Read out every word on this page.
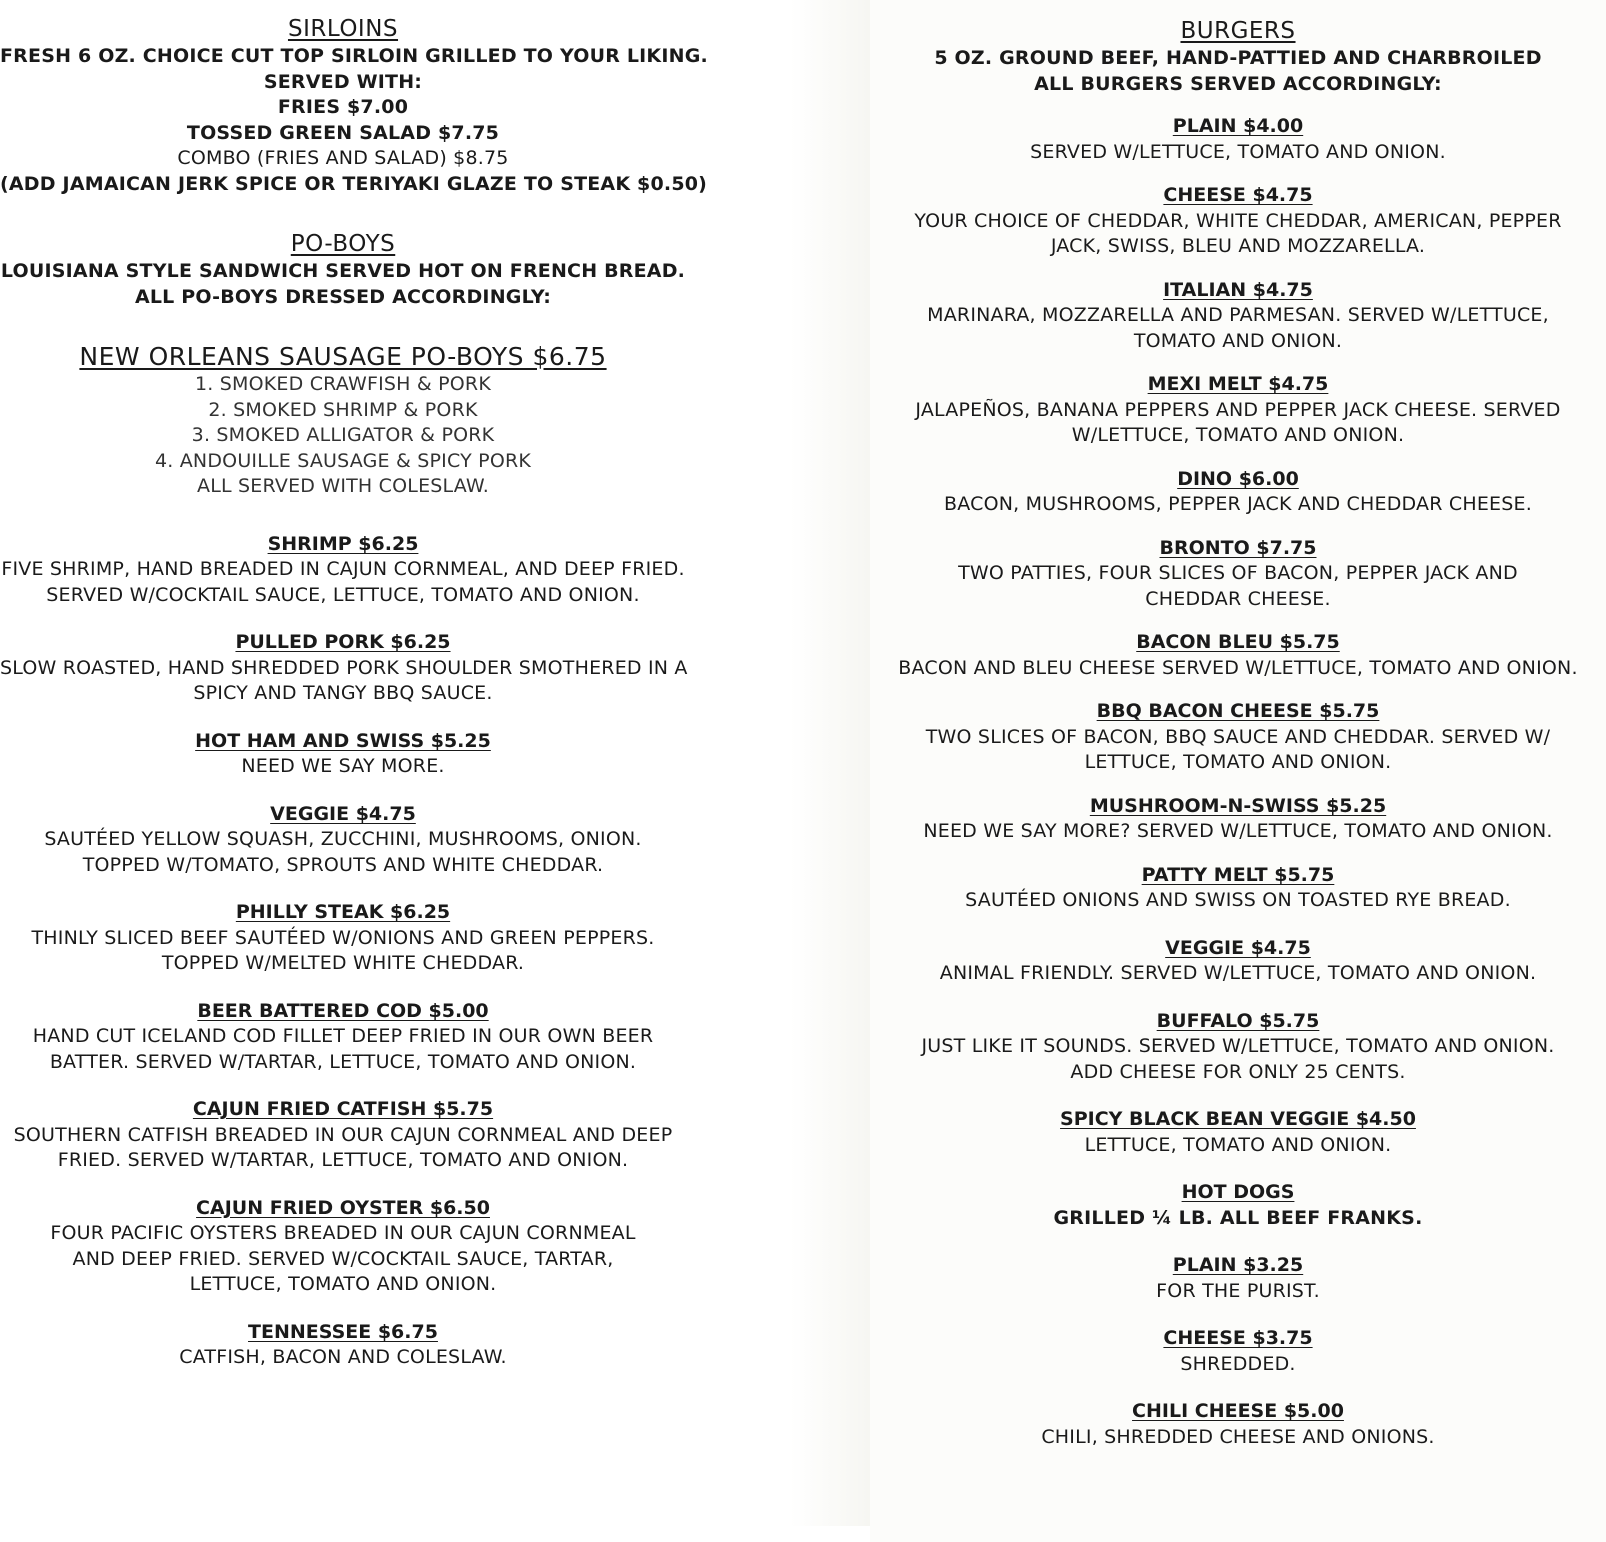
SIRLOINS

FRESH 6 OZ. CHOICE CUT TOP SIRLOIN GRILLED TO YOUR LIKING.

SERVED WITH:

FRIES $7.00

TOSSED GREEN SALAD $7.75

COMBO (FRIES AND SALAD) $8.75

(ADD JAMAICAN JERK SPICE OR TERIYAKI GLAZE TO STEAK $0.50)

PO-BOYS

LOUISIANA STYLE SANDWICH SERVED HOT ON FRENCH BREAD.

ALL PO-BOYS DRESSED ACCORDINGLY:

NEW ORLEANS SAUSAGE PO-BOYS $6.75

1. SMOKED CRAWFISH & PORK

2. SMOKED SHRIMP & PORK

3. SMOKED ALLIGATOR & PORK

4. ANDOUILLE SAUSAGE & SPICY PORK

ALL SERVED WITH COLESLAW.

SHRIMP $6.25

FIVE SHRIMP, HAND BREADED IN CAJUN CORNMEAL, AND DEEP FRIED.

SERVED W/COCKTAIL SAUCE, LETTUCE, TOMATO AND ONION.

PULLED PORK $6.25

SLOW ROASTED, HAND SHREDDED PORK SHOULDER SMOTHERED IN A

SPICY AND TANGY BBQ SAUCE.

HOT HAM AND SWISS $5.25

NEED WE SAY MORE.

VEGGIE $4.75

SAUTÉED YELLOW SQUASH, ZUCCHINI, MUSHROOMS, ONION.

TOPPED W/TOMATO, SPROUTS AND WHITE CHEDDAR.

PHILLY STEAK $6.25

THINLY SLICED BEEF SAUTÉED W/ONIONS AND GREEN PEPPERS.

TOPPED W/MELTED WHITE CHEDDAR.

BEER BATTERED COD $5.00

HAND CUT ICELAND COD FILLET DEEP FRIED IN OUR OWN BEER

BATTER. SERVED W/TARTAR, LETTUCE, TOMATO AND ONION.

CAJUN FRIED CATFISH $5.75

SOUTHERN CATFISH BREADED IN OUR CAJUN CORNMEAL AND DEEP

FRIED. SERVED W/TARTAR, LETTUCE, TOMATO AND ONION.

CAJUN FRIED OYSTER $6.50

FOUR PACIFIC OYSTERS BREADED IN OUR CAJUN CORNMEAL

AND DEEP FRIED. SERVED W/COCKTAIL SAUCE, TARTAR,

LETTUCE, TOMATO AND ONION.

TENNESSEE $6.75

CATFISH, BACON AND COLESLAW.

BURGERS

5 OZ. GROUND BEEF, HAND-PATTIED AND CHARBROILED

ALL BURGERS SERVED ACCORDINGLY:

PLAIN $4.00

SERVED W/LETTUCE, TOMATO AND ONION.

CHEESE $4.75

YOUR CHOICE OF CHEDDAR, WHITE CHEDDAR, AMERICAN, PEPPER

JACK, SWISS, BLEU AND MOZZARELLA.

ITALIAN $4.75

MARINARA, MOZZARELLA AND PARMESAN. SERVED W/LETTUCE,

TOMATO AND ONION.

MEXI MELT $4.75

JALAPEÑOS, BANANA PEPPERS AND PEPPER JACK CHEESE. SERVED

W/LETTUCE, TOMATO AND ONION.

DINO $6.00

BACON, MUSHROOMS, PEPPER JACK AND CHEDDAR CHEESE.

BRONTO $7.75

TWO PATTIES, FOUR SLICES OF BACON, PEPPER JACK AND

CHEDDAR CHEESE.

BACON BLEU $5.75

BACON AND BLEU CHEESE SERVED W/LETTUCE, TOMATO AND ONION.

BBQ BACON CHEESE $5.75

TWO SLICES OF BACON, BBQ SAUCE AND CHEDDAR. SERVED W/

LETTUCE, TOMATO AND ONION.

MUSHROOM-N-SWISS $5.25

NEED WE SAY MORE? SERVED W/LETTUCE, TOMATO AND ONION.

PATTY MELT $5.75

SAUTÉED ONIONS AND SWISS ON TOASTED RYE BREAD.

VEGGIE $4.75

ANIMAL FRIENDLY. SERVED W/LETTUCE, TOMATO AND ONION.

BUFFALO $5.75

JUST LIKE IT SOUNDS. SERVED W/LETTUCE, TOMATO AND ONION.

ADD CHEESE FOR ONLY 25 CENTS.

SPICY BLACK BEAN VEGGIE $4.50

LETTUCE, TOMATO AND ONION.

HOT DOGS

GRILLED ¼ LB. ALL BEEF FRANKS.

PLAIN $3.25

FOR THE PURIST.

CHEESE $3.75

SHREDDED.

CHILI CHEESE $5.00

CHILI, SHREDDED CHEESE AND ONIONS.
